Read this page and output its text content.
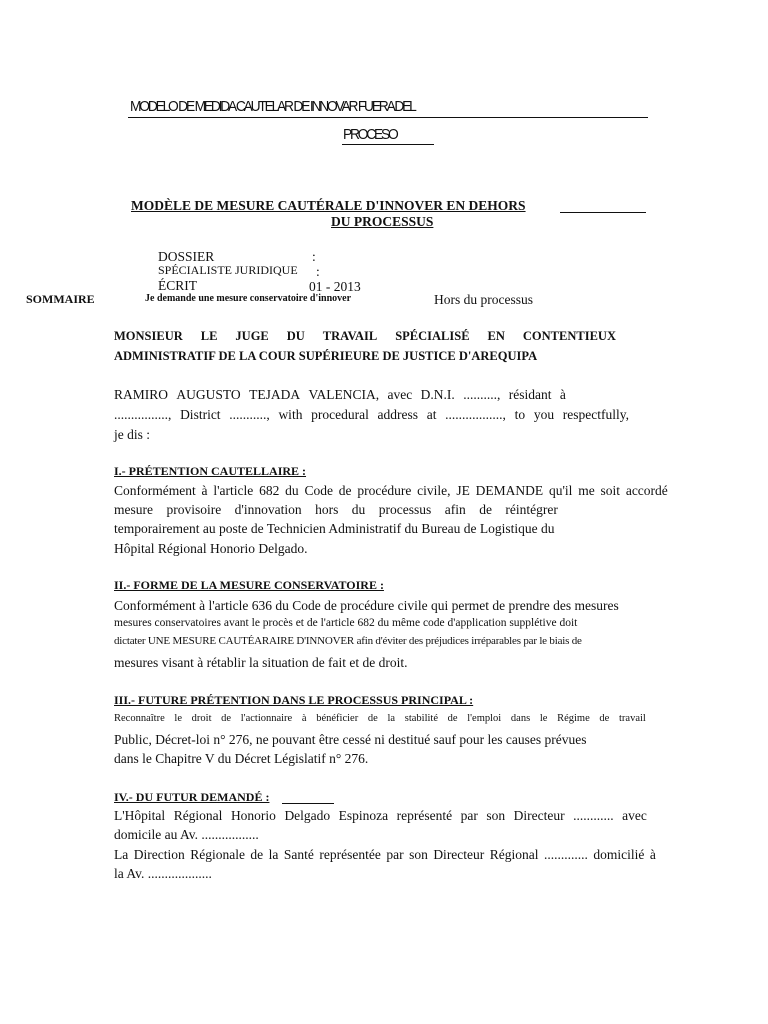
MODELO DE MEDIDA CAUTELAR DE INNOVAR FUERA DEL
PROCESO
MODÈLE DE MESURE CAUTÉRALE D'INNOVER EN DEHORS
DU PROCESSUS
DOSSIER	:
SPÉCIALISTE JURIDIQUE :
ÉCRIT	01 - 2013
SOMMAIRE	Je demande une mesure conservatoire d'innover	Hors du processus
MONSIEUR LE JUGE DU TRAVAIL SPÉCIALISÉ EN CONTENTIEUX
ADMINISTRATIF DE LA COUR SUPÉRIEURE DE JUSTICE D'AREQUIPA
RAMIRO AUGUSTO TEJADA VALENCIA, avec D.N.I. .........., résidant à
................, District ..........., with procedural address at ................., to you respectfully,
je dis :
I.- PRÉTENTION CAUTELLAIRE :
Conformément à l'article 682 du Code de procédure civile, JE DEMANDE qu'il me soit accordé
mesure provisoire d'innovation hors du processus afin de réintégrer
temporairement au poste de Technicien Administratif du Bureau de Logistique du
Hôpital Régional Honorio Delgado.
II.- FORME DE LA MESURE CONSERVATOIRE :
Conformément à l'article 636 du Code de procédure civile qui permet de prendre des mesures
mesures conservatoires avant le procès et de l'article 682 du même code d'application supplétive doit
dictater UNE MESURE CAUTÉARAIRE D'INNOVER afin d'éviter des préjudices irréparables par le biais de
mesures visant à rétablir la situation de fait et de droit.
III.- FUTURE PRÉTENTION DANS LE PROCESSUS PRINCIPAL :
Reconnaître le droit de l'actionnaire à bénéficier de la stabilité de l'emploi dans le Régime de travail
Public, Décret-loi n° 276, ne pouvant être cessé ni destitué sauf pour les causes prévues
dans le Chapitre V du Décret Législatif n° 276.
IV.- DU FUTUR DEMANDÉ :
L'Hôpital Régional Honorio Delgado Espinoza représenté par son Directeur ............ avec
domicile au Av. .................
La Direction Régionale de la Santé représentée par son Directeur Régional ............. domicilié à
la Av. ...................
